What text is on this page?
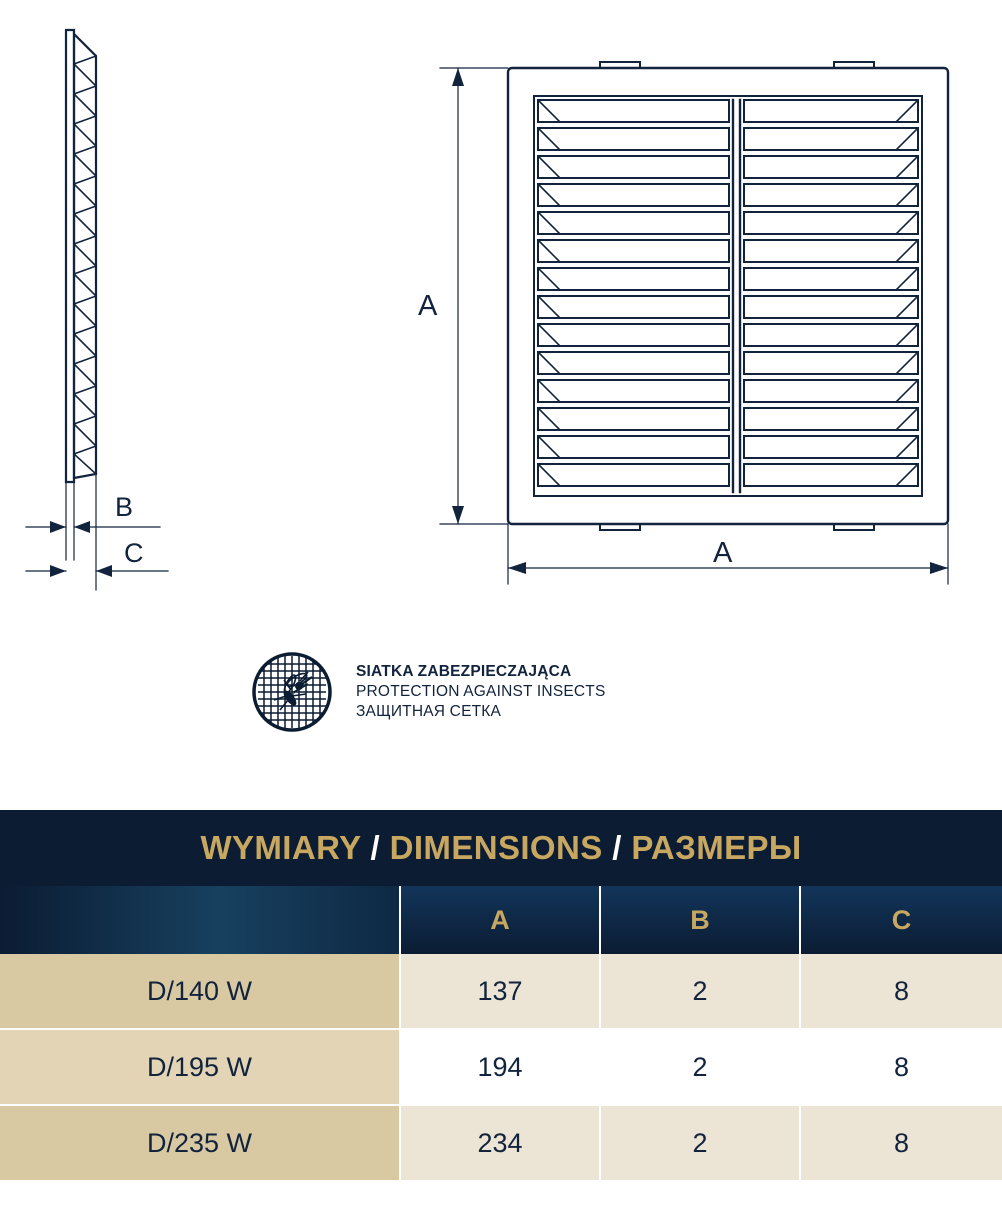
B
C
A
A
SIATKA ZABEZPIECZAJĄCA
PROTECTION AGAINST INSECTS
ЗАЩИТНАЯ СЕТКА
WYMIARY / DIMENSIONS / РАЗМЕРЫ			
	A	B	C
D/140 W	137	2	8
D/195 W	194	2	8
D/235 W	234	2	8
